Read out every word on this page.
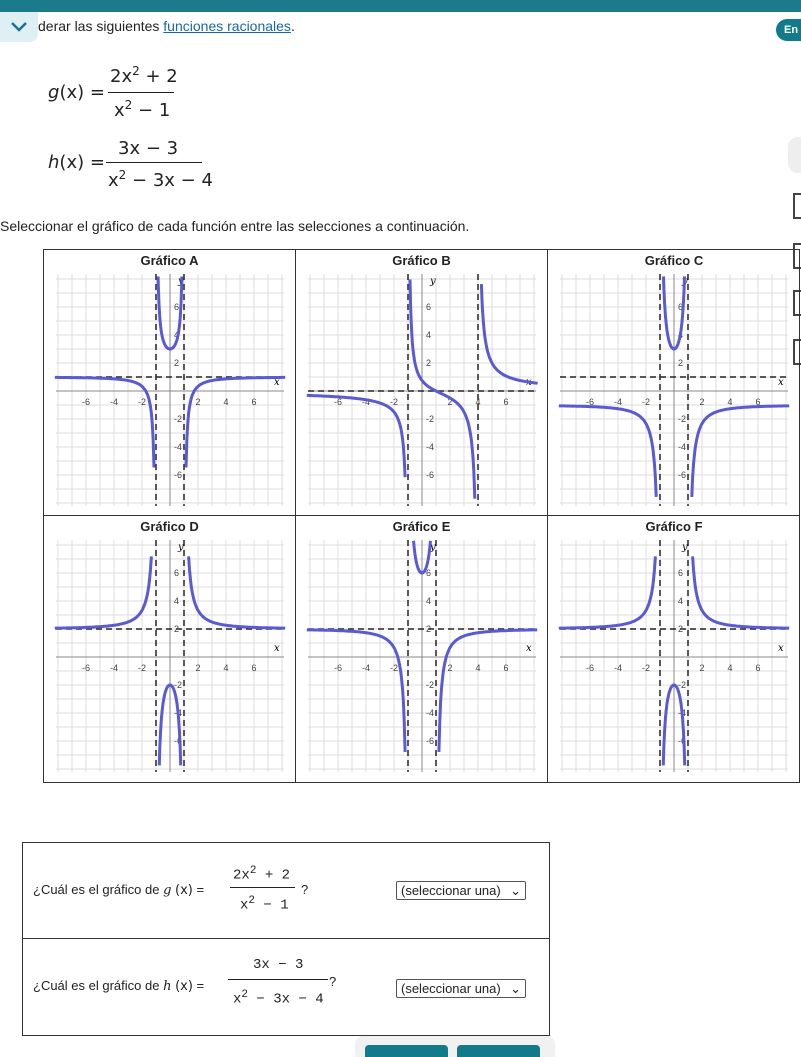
derar las siguientes funciones racionales.	En
g(x) =
$2x^2 + 2$
$x^2 - 1$
h(x) =
3x − 3
$x^2 - 3x - 4$
Seleccionar el gráfico de cada función entre las selecciones a continuación.
Gráfico A
-6 -4 -2	2	4	6
6
4
2
-2
-4
-6
x
y
Gráfico B
-6 -4 -2	2	4	6
6
4
2
-2
-4
-6
x
y
Gráfico C
-6 -4 -2	2	4	6
6
4
2
-2
-4
-6
x
y
Gráfico D
-6 -4 -2	2	4	6
6
4
2
-2
-4
-6
x
y
Gráfico E
-6 -4 -2	2	4	6
6
4
2
-2
-4
-6
x
y
Gráfico F
-6 -4 -2	2	4	6
6
4
2
-2
-4
-6
x
y
¿Cuál es el gráfico de g (x) =
$2x^2 + 2$
$x^2 - 1$
?	(seleccionar una) ⌄
¿Cuál es el gráfico de h (x) =
3x − 3
$x^2 - 3x - 4$
?	(seleccionar una) ⌄
